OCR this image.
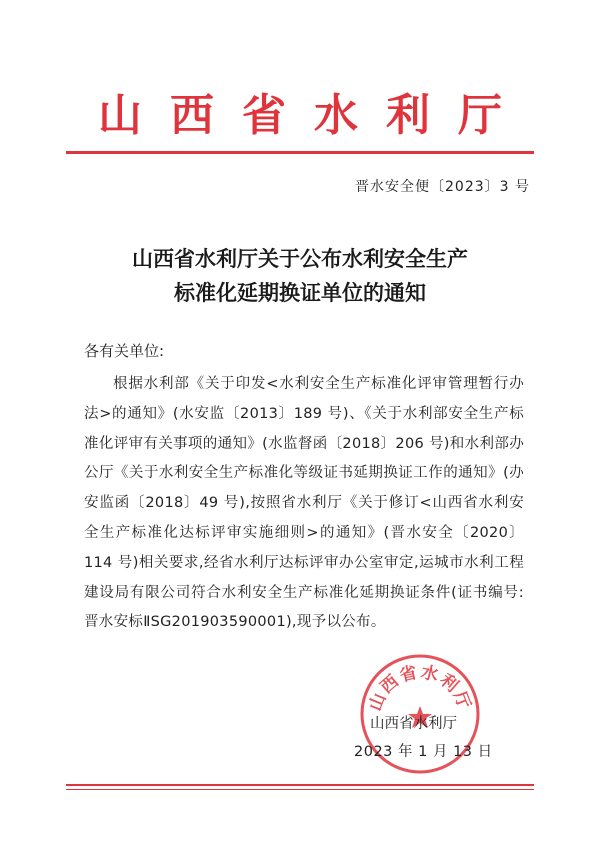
山西省水利厅
晋水安全便〔2023〕3 号
山西省水利厅关于公布水利安全生产
标准化延期换证单位的通知
各有关单位:
根据水利部《关于印发<水利安全生产标准化评审管理暂行办法>的通知》(水安监〔2013〕189 号)、《关于水利部安全生产标准化评审有关事项的通知》(水监督函〔2018〕206 号)和水利部办公厅《关于水利安全生产标准化等级证书延期换证工作的通知》(办安监函〔2018〕49 号),按照省水利厅《关于修订<山西省水利安全生产标准化达标评审实施细则>的通知》(晋水安全〔2020〕114 号)相关要求,经省水利厅达标评审办公室审定,运城市水利工程建设局有限公司符合水利安全生产标准化延期换证条件(证书编号:晋水安标ⅡSG201903590001),现予以公布。
山西省水利厅
山西省水利厅
2023 年 1 月 13 日
